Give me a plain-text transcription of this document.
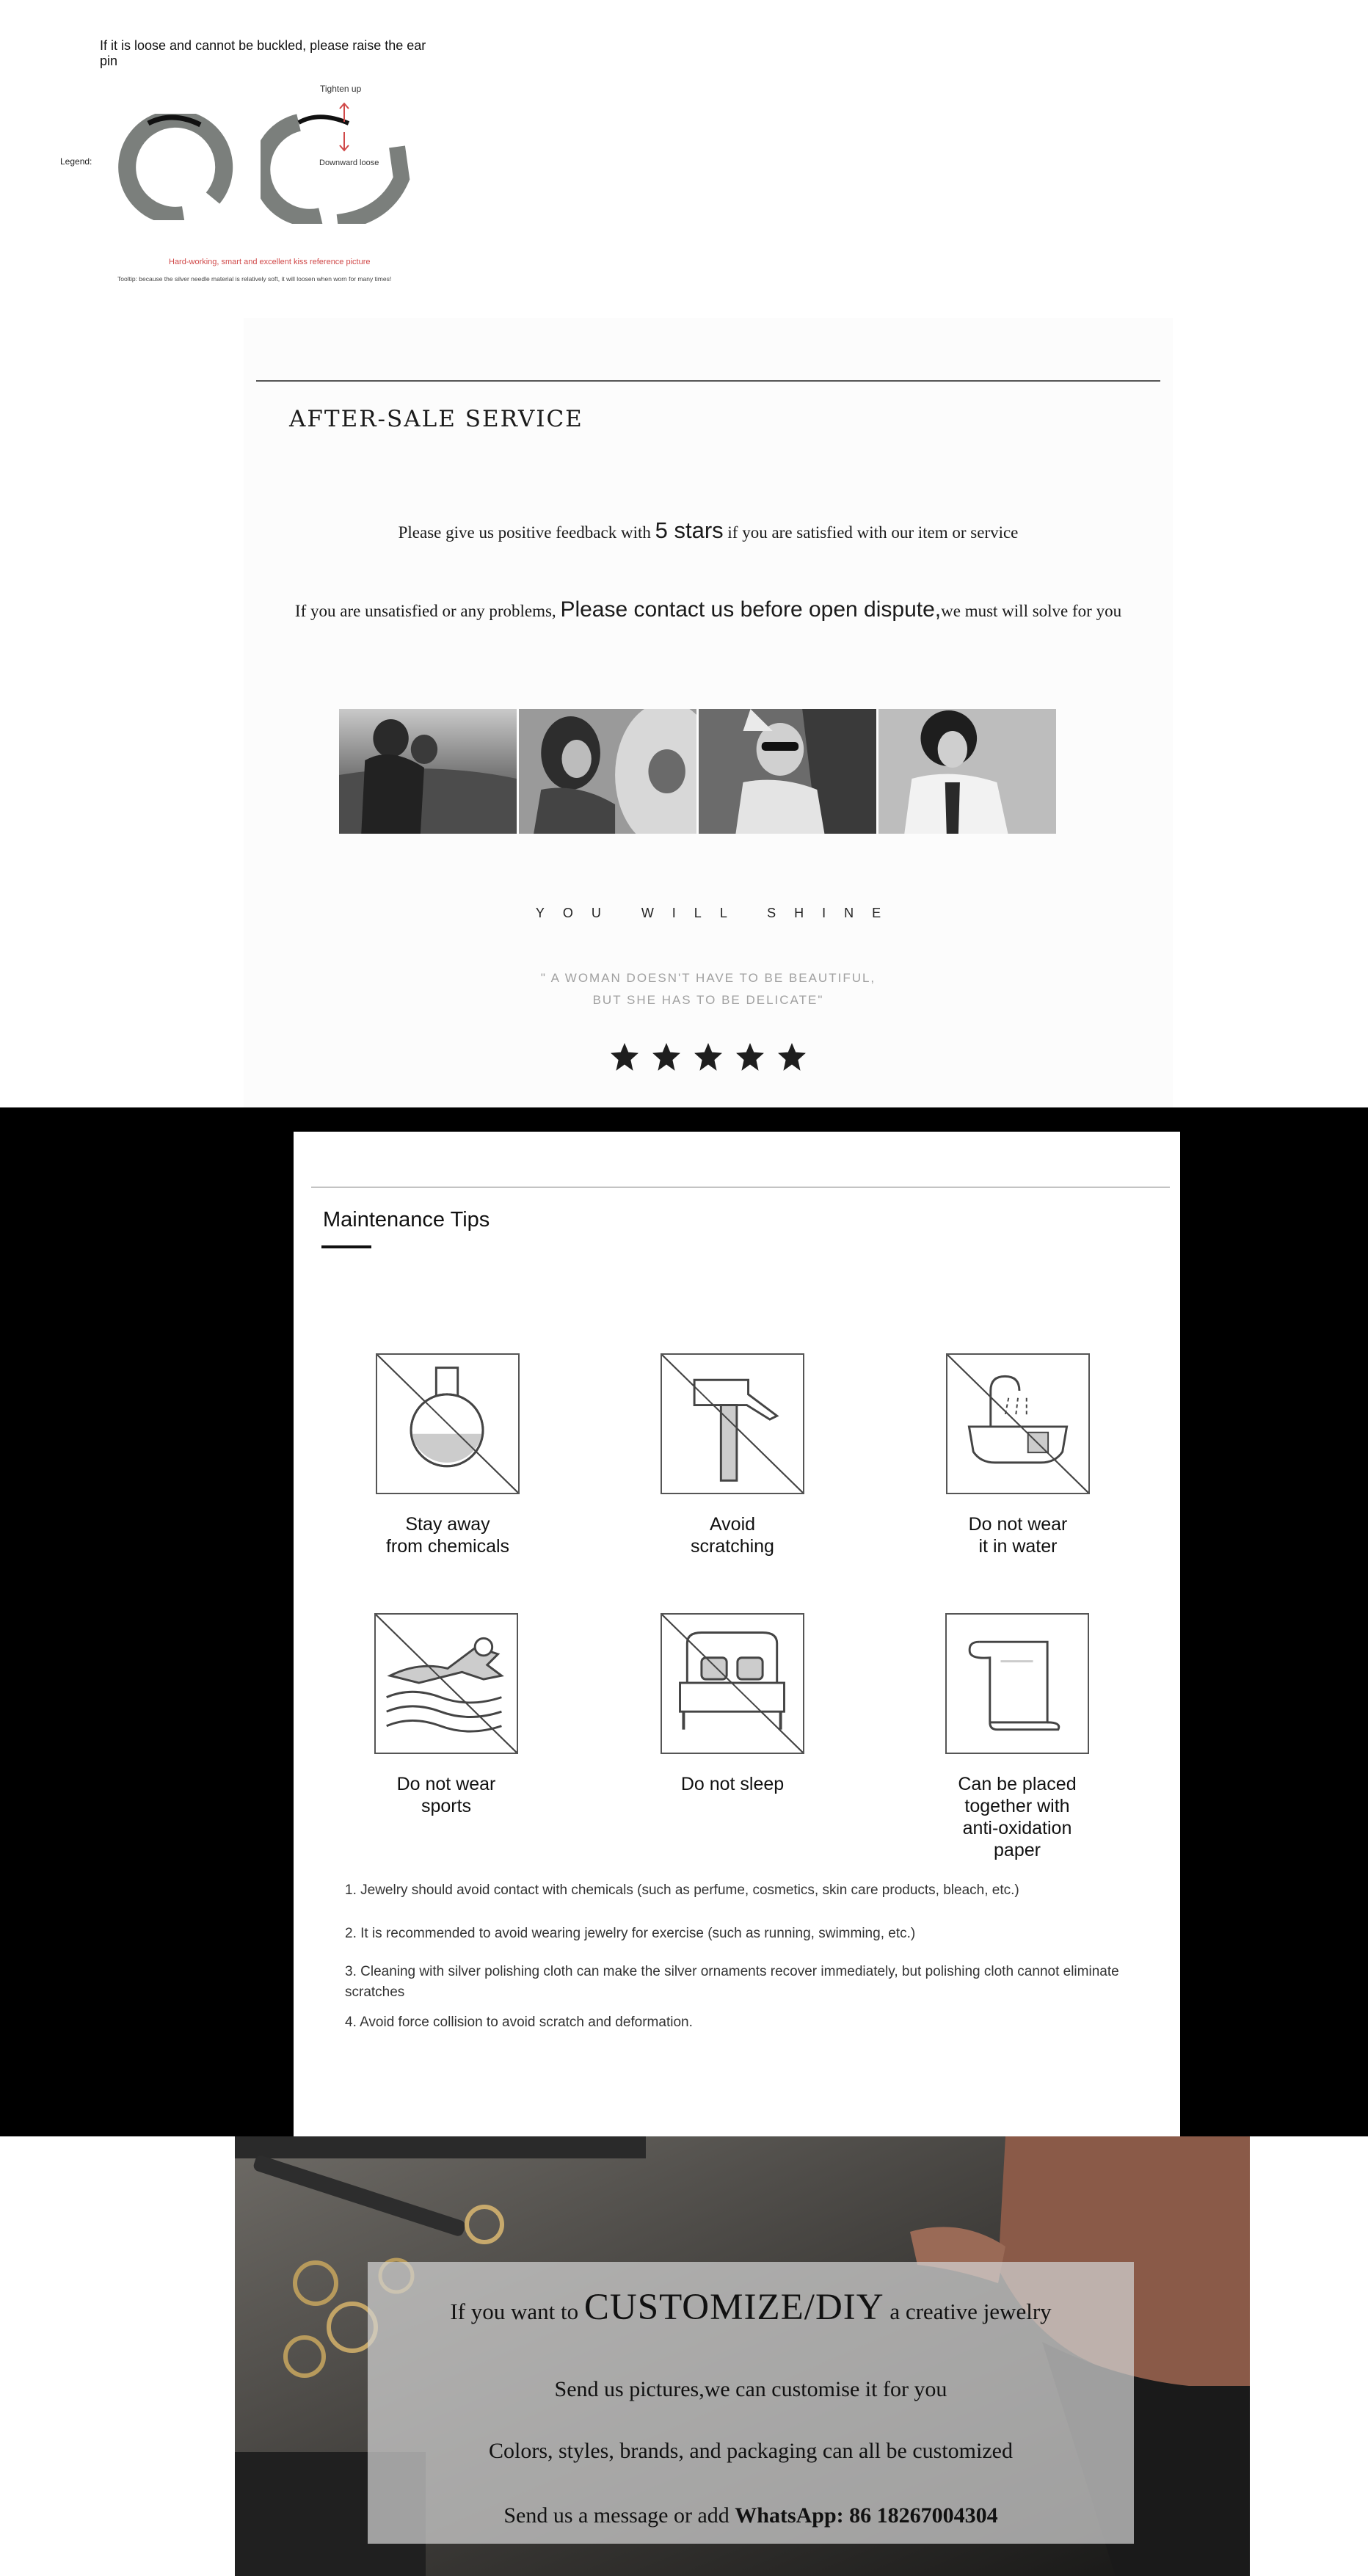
If it is loose and cannot be buckled, please raise the ear pin
Legend:
Tighten up
Downward loose
Hard-working, smart and excellent kiss reference picture
Tooltip: because the silver needle material is relatively soft, it will loosen when worn for many times!
AFTER-SALE SERVICE
Please give us positive feedback with 5 stars if you are satisfied with our item or service
If you are unsatisfied or any problems, Please contact us before open dispute,we must will solve for you
YOU WILL SHINE
" A WOMAN DOESN'T HAVE TO BE BEAUTIFUL,
BUT SHE HAS TO BE DELICATE"
Maintenance Tips
Stay away
from chemicals
Avoid
scratching
Do not wear
it in water
Do not wear
sports
Do not sleep	Can be placed
together with
anti-oxidation
paper

1. Jewelry should avoid contact with chemicals (such as perfume, cosmetics, skin care products, bleach, etc.)

2. It is recommended to avoid wearing jewelry for exercise (such as running, swimming, etc.)

3. Cleaning with silver polishing cloth can make the silver ornaments recover immediately, but polishing cloth cannot eliminate scratches

4. Avoid force collision to avoid scratch and deformation.

If you want to CUSTOMIZE/DIY a creative jewelry
Send us pictures,we can customise it for you
Colors, styles, brands, and packaging can all be customized
Send us a message or add WhatsApp: 86 18267004304
